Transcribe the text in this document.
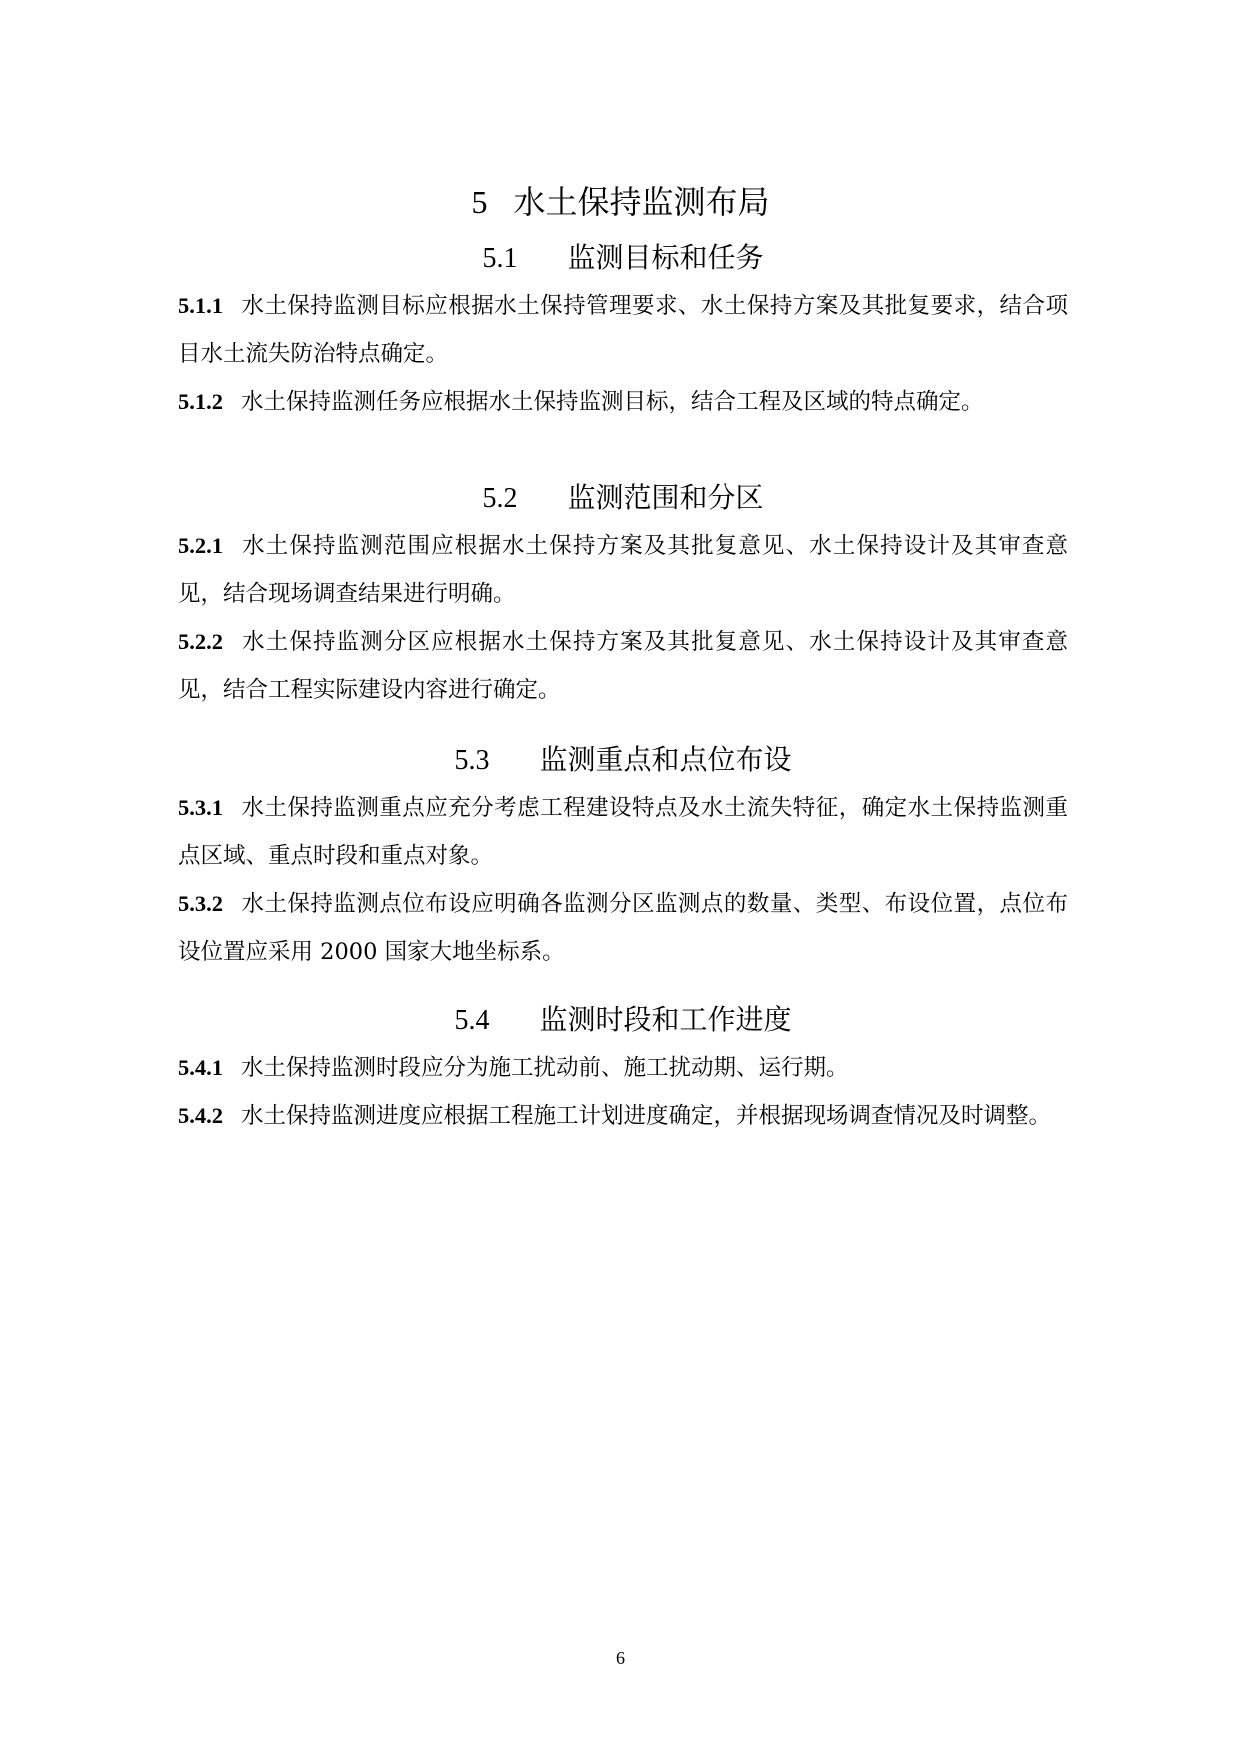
5 水土保持监测布局
5.1 监测目标和任务
5.1.1 水土保持监测目标应根据水土保持管理要求、水土保持方案及其批复要求，结合项目水土流失防治特点确定。
5.1.2 水土保持监测任务应根据水土保持监测目标，结合工程及区域的特点确定。
5.2 监测范围和分区
5.2.1 水土保持监测范围应根据水土保持方案及其批复意见、水土保持设计及其审查意见，结合现场调查结果进行明确。
5.2.2 水土保持监测分区应根据水土保持方案及其批复意见、水土保持设计及其审查意见，结合工程实际建设内容进行确定。
5.3 监测重点和点位布设
5.3.1 水土保持监测重点应充分考虑工程建设特点及水土流失特征，确定水土保持监测重点区域、重点时段和重点对象。
5.3.2 水土保持监测点位布设应明确各监测分区监测点的数量、类型、布设位置，点位布设位置应采用 2000 国家大地坐标系。
5.4 监测时段和工作进度
5.4.1 水土保持监测时段应分为施工扰动前、施工扰动期、运行期。
5.4.2 水土保持监测进度应根据工程施工计划进度确定，并根据现场调查情况及时调整。
6
